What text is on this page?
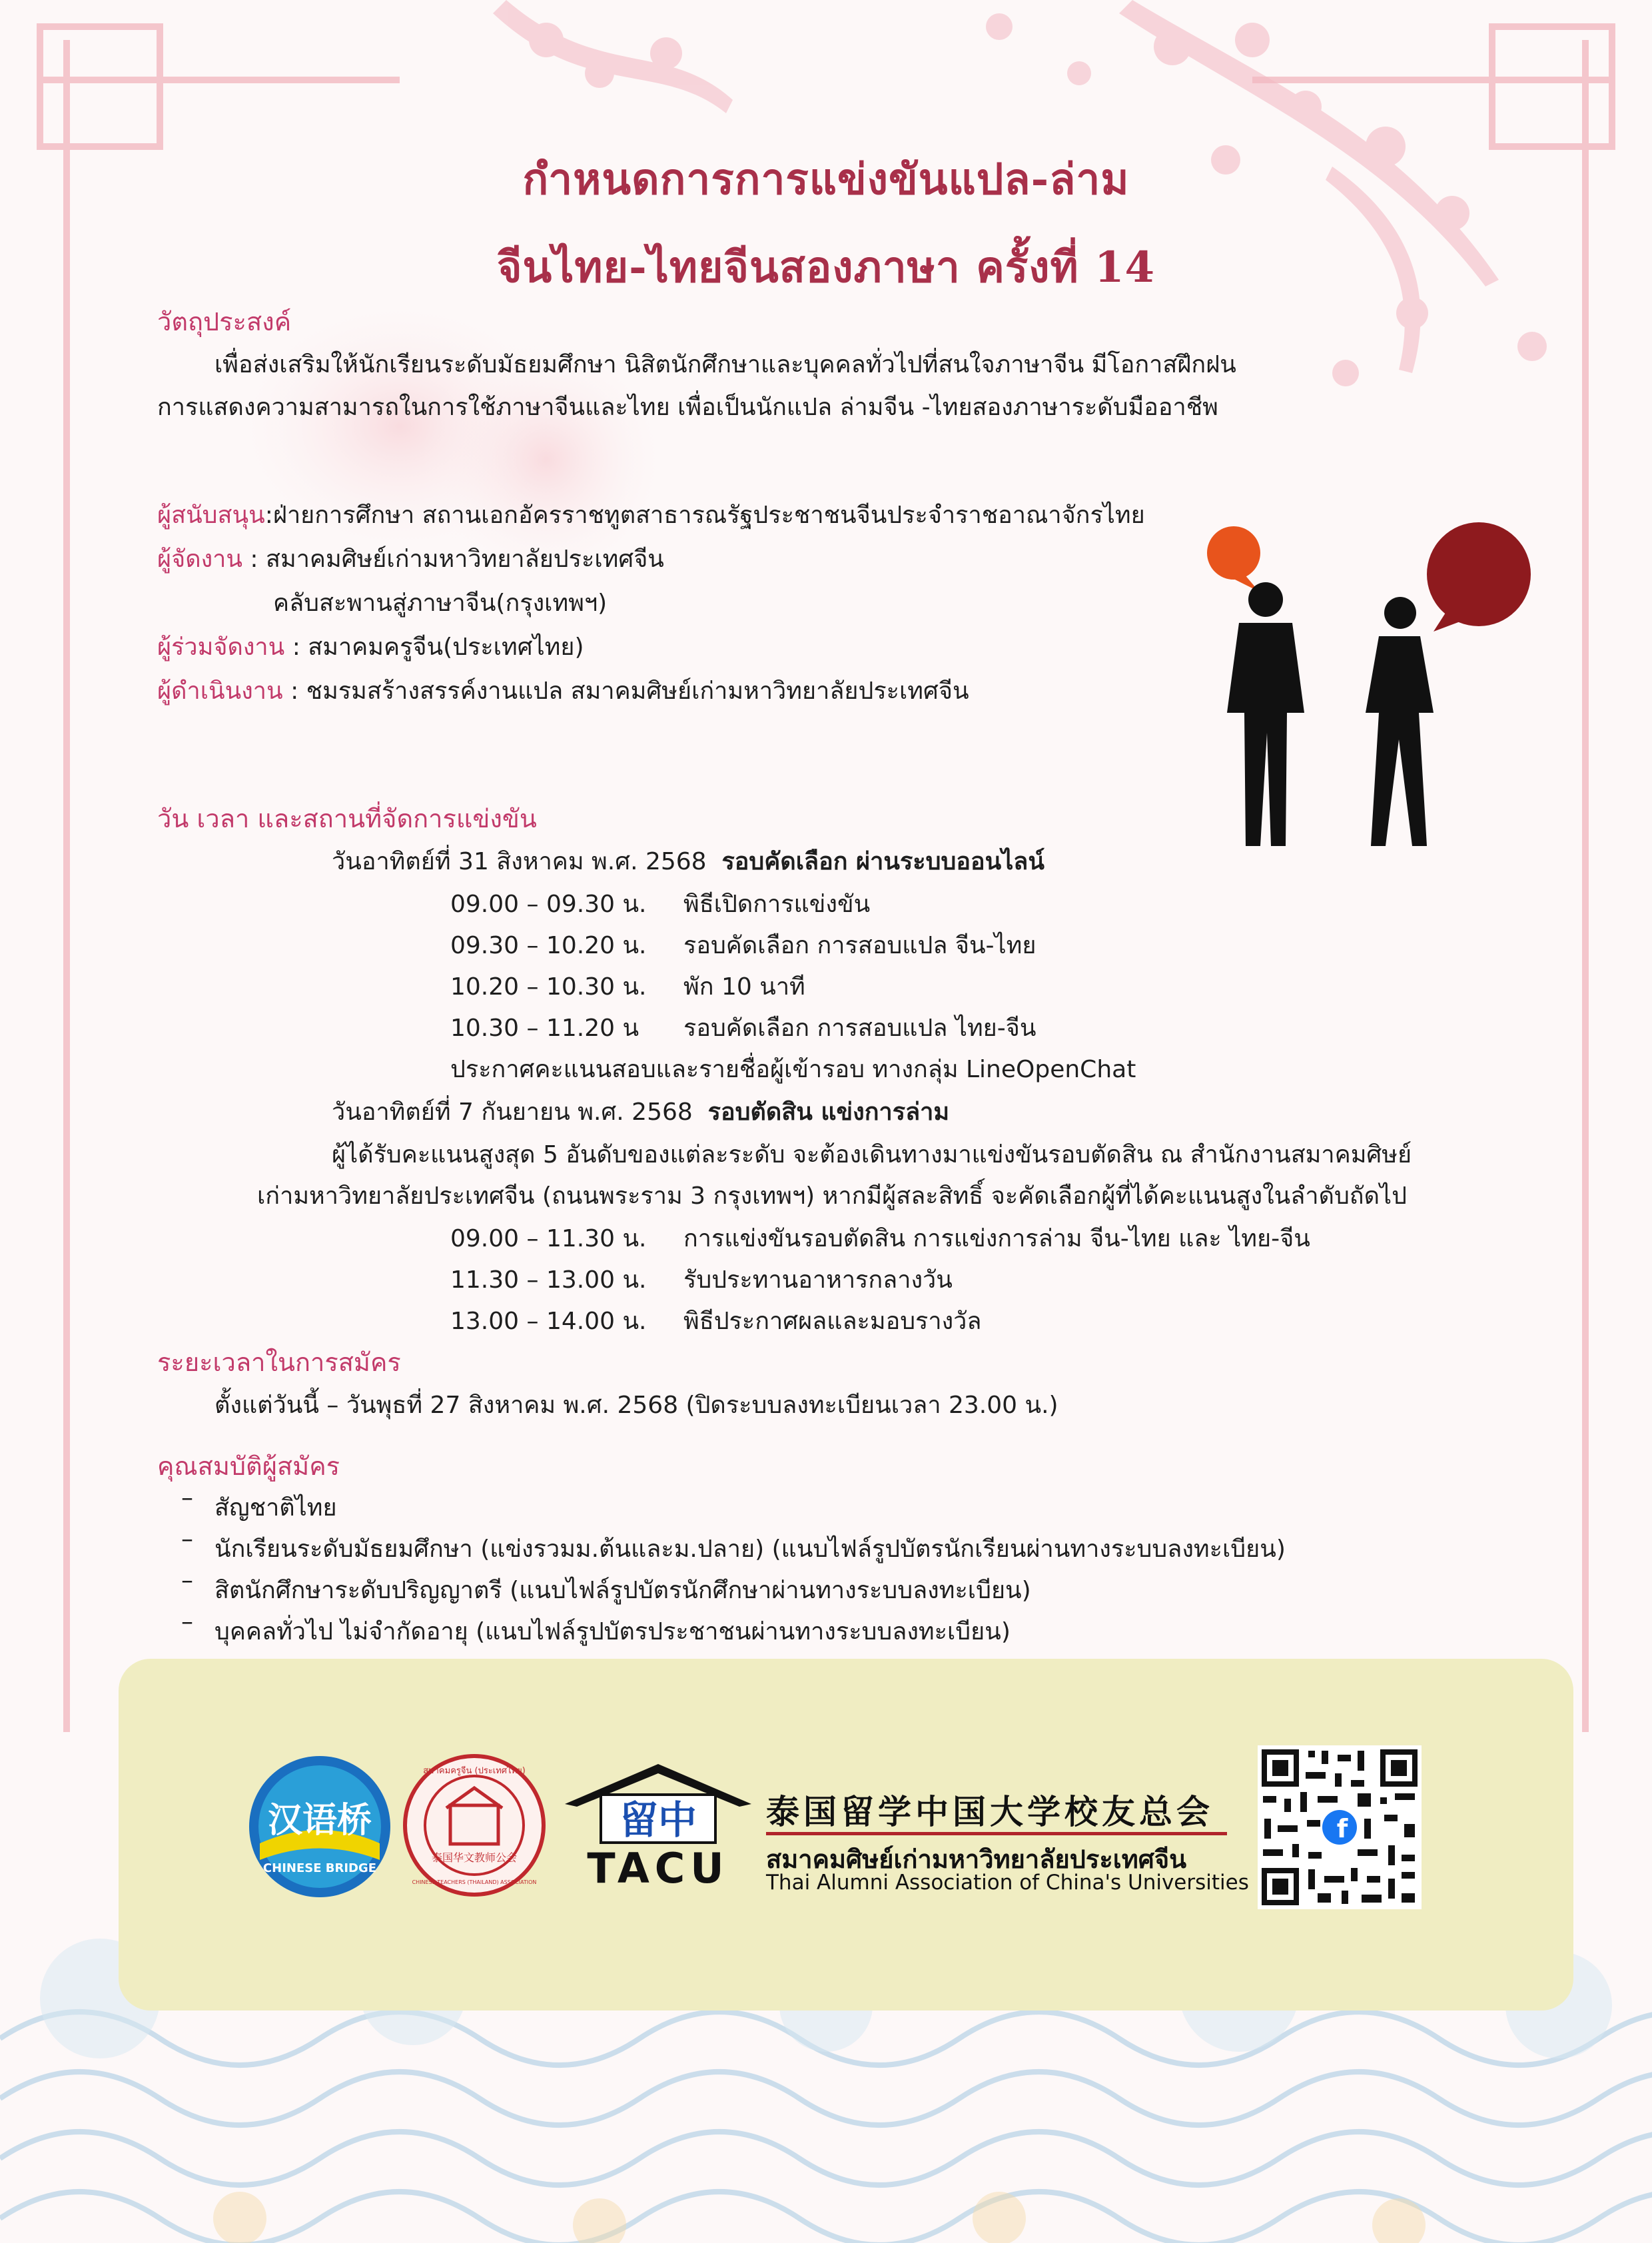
กำหนดการการแข่งขันแปล-ล่าม
จีนไทย-ไทยจีนสองภาษา ครั้งที่ 14
วัตถุประสงค์
เพื่อส่งเสริมให้นักเรียนระดับมัธยมศึกษา นิสิตนักศึกษาและบุคคลทั่วไปที่สนใจภาษาจีน มีโอกาสฝึกฝน
การแสดงความสามารถในการใช้ภาษาจีนและไทย เพื่อเป็นนักแปล ล่ามจีน -ไทยสองภาษาระดับมืออาชีพ
ผู้สนับสนุน:ฝ่ายการศึกษา สถานเอกอัครราชทูตสาธารณรัฐประชาชนจีนประจำราชอาณาจักรไทย
ผู้จัดงาน : สมาคมศิษย์เก่ามหาวิทยาลัยประเทศจีน
คลับสะพานสู่ภาษาจีน(กรุงเทพฯ)
ผู้ร่วมจัดงาน : สมาคมครูจีน(ประเทศไทย)
ผู้ดำเนินงาน : ชมรมสร้างสรรค์งานแปล สมาคมศิษย์เก่ามหาวิทยาลัยประเทศจีน
วัน เวลา และสถานที่จัดการแข่งขัน
วันอาทิตย์ที่ 31 สิงหาคม พ.ศ. 2568 รอบคัดเลือก ผ่านระบบออนไลน์
09.00 – 09.30 น. พิธีเปิดการแข่งขัน
09.30 – 10.20 น. รอบคัดเลือก การสอบแปล จีน-ไทย
10.20 – 10.30 น. พัก 10 นาที
10.30 – 11.20 น รอบคัดเลือก การสอบแปล ไทย-จีน
ประกาศคะแนนสอบและรายชื่อผู้เข้ารอบ ทางกลุ่ม LineOpenChat
วันอาทิตย์ที่ 7 กันยายน พ.ศ. 2568 รอบตัดสิน แข่งการล่าม
ผู้ได้รับคะแนนสูงสุด 5 อันดับของแต่ละระดับ จะต้องเดินทางมาแข่งขันรอบตัดสิน ณ สำนักงานสมาคมศิษย์
เก่ามหาวิทยาลัยประเทศจีน (ถนนพระราม 3 กรุงเทพฯ) หากมีผู้สละสิทธิ์ จะคัดเลือกผู้ที่ได้คะแนนสูงในลำดับถัดไป
09.00 – 11.30 น. การแข่งขันรอบตัดสิน การแข่งการล่าม จีน-ไทย และ ไทย-จีน
11.30 – 13.00 น. รับประทานอาหารกลางวัน
13.00 – 14.00 น. พิธีประกาศผลและมอบรางวัล
ระยะเวลาในการสมัคร
ตั้งแต่วันนี้ – วันพุธที่ 27 สิงหาคม พ.ศ. 2568 (ปิดระบบลงทะเบียนเวลา 23.00 น.)
คุณสมบัติผู้สมัคร
– สัญชาติไทย
– นักเรียนระดับมัธยมศึกษา (แข่งรวมม.ต้นและม.ปลาย) (แนบไฟล์รูปบัตรนักเรียนผ่านทางระบบลงทะเบียน)
– สิตนักศึกษาระดับปริญญาตรี (แนบไฟล์รูปบัตรนักศึกษาผ่านทางระบบลงทะเบียน)
– บุคคลทั่วไป ไม่จำกัดอายุ (แนบไฟล์รูปบัตรประชาชนผ่านทางระบบลงทะเบียน)
汉语桥
CHINESE BRIDGE
สมาคมครูจีน (ประเทศไทย)
泰国华文教师公会
CHINESE TEACHERS (THAILAND) ASSOCIATION
留中
TACU
泰国留学中国大学校友总会
สมาคมศิษย์เก่ามหาวิทยาลัยประเทศจีน
Thai Alumni Association of China's Universities
f
